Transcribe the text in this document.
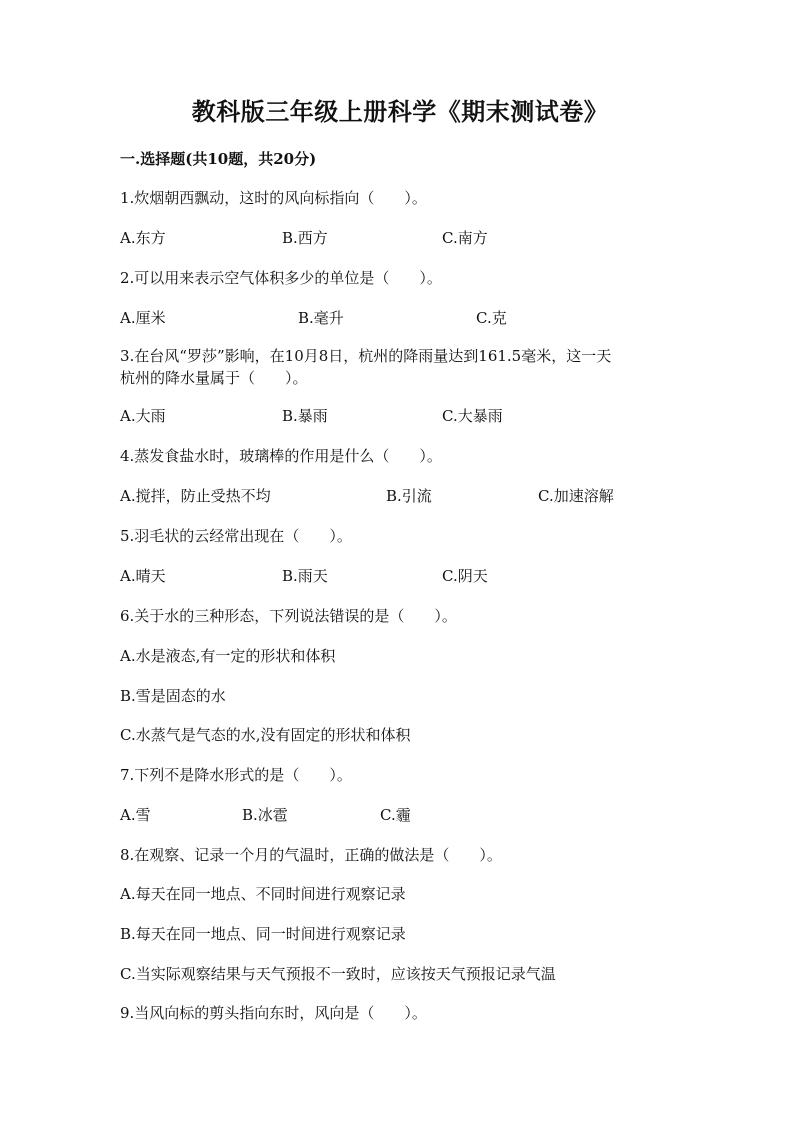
教科版三年级上册科学《期末测试卷》
一.选择题(共10题，共20分)
1.炊烟朝西飘动，这时的风向标指向（　　）。
A.东方	B.西方	C.南方
2.可以用来表示空气体积多少的单位是（　　）。
A.厘米	B.毫升	C.克
3.在台风“罗莎”影响，在10月8日，杭州的降雨量达到161.5毫米，这一天
杭州的降水量属于（　　）。
A.大雨	B.暴雨	C.大暴雨
4.蒸发食盐水时，玻璃棒的作用是什么（　　）。
A.搅拌，防止受热不均	B.引流	C.加速溶解
5.羽毛状的云经常出现在（　　）。
A.晴天	B.雨天	C.阴天
6.关于水的三种形态，下列说法错误的是（　　）。
A.水是液态,有一定的形状和体积
B.雪是固态的水
C.水蒸气是气态的水,没有固定的形状和体积
7.下列不是降水形式的是（　　）。
A.雪	B.冰雹	C.霾
8.在观察、记录一个月的气温时，正确的做法是（　　）。
A.每天在同一地点、不同时间进行观察记录
B.每天在同一地点、同一时间进行观察记录
C.当实际观察结果与天气预报不一致时，应该按天气预报记录气温
9.当风向标的剪头指向东时，风向是（　　）。
